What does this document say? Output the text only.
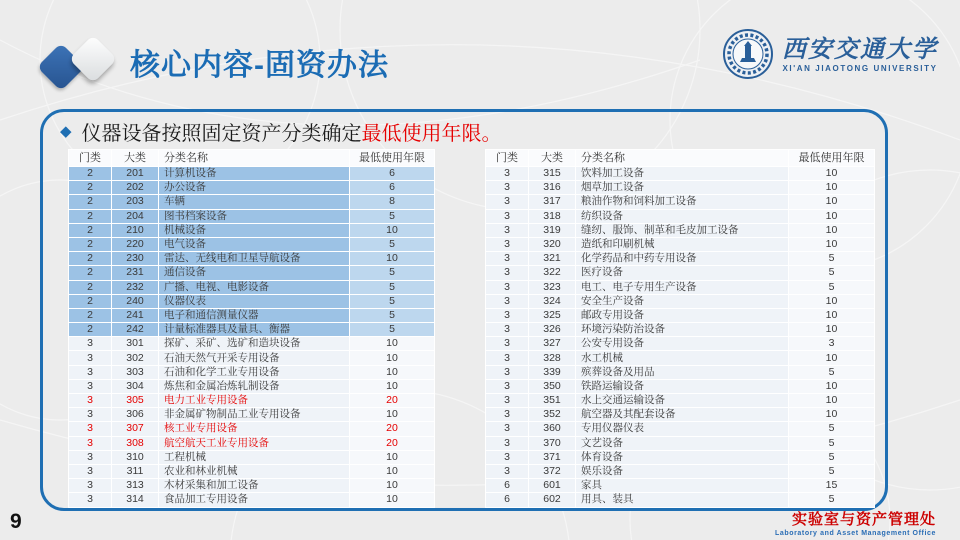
核心内容-固资办法
西安交通大学
XI'AN JIAOTONG UNIVERSITY
◆ 仪器设备按照固定资产分类确定最低使用年限。
门类	大类	分类名称	最低使用年限
2	201	计算机设备	6
2	202	办公设备	6
2	203	车辆	8
2	204	图书档案设备	5
2	210	机械设备	10
2	220	电气设备	5
2	230	雷达、无线电和卫星导航设备	10
2	231	通信设备	5
2	232	广播、电视、电影设备	5
2	240	仪器仪表	5
2	241	电子和通信测量仪器	5
2	242	计量标准器具及量具、衡器	5
3	301	探矿、采矿、选矿和造块设备	10
3	302	石油天然气开采专用设备	10
3	303	石油和化学工业专用设备	10
3	304	炼焦和金属冶炼轧制设备	10
3	305	电力工业专用设备	20
3	306	非金属矿物制品工业专用设备	10
3	307	核工业专用设备	20
3	308	航空航天工业专用设备	20
3	310	工程机械	10
3	311	农业和林业机械	10
3	313	木材采集和加工设备	10
3	314	食品加工专用设备	10
门类	大类	分类名称	最低使用年限
3	315	饮料加工设备	10
3	316	烟草加工设备	10
3	317	粮油作物和饲料加工设备	10
3	318	纺织设备	10
3	319	缝纫、服饰、制革和毛皮加工设备	10
3	320	造纸和印刷机械	10
3	321	化学药品和中药专用设备	5
3	322	医疗设备	5
3	323	电工、电子专用生产设备	5
3	324	安全生产设备	10
3	325	邮政专用设备	10
3	326	环境污染防治设备	10
3	327	公安专用设备	3
3	328	水工机械	10
3	339	殡葬设备及用品	5
3	350	铁路运输设备	10
3	351	水上交通运输设备	10
3	352	航空器及其配套设备	10
3	360	专用仪器仪表	5
3	370	文艺设备	5
3	371	体育设备	5
3	372	娱乐设备	5
6	601	家具	15
6	602	用具、装具	5
9	实验室与资产管理处
Laboratory and Asset Management Office
